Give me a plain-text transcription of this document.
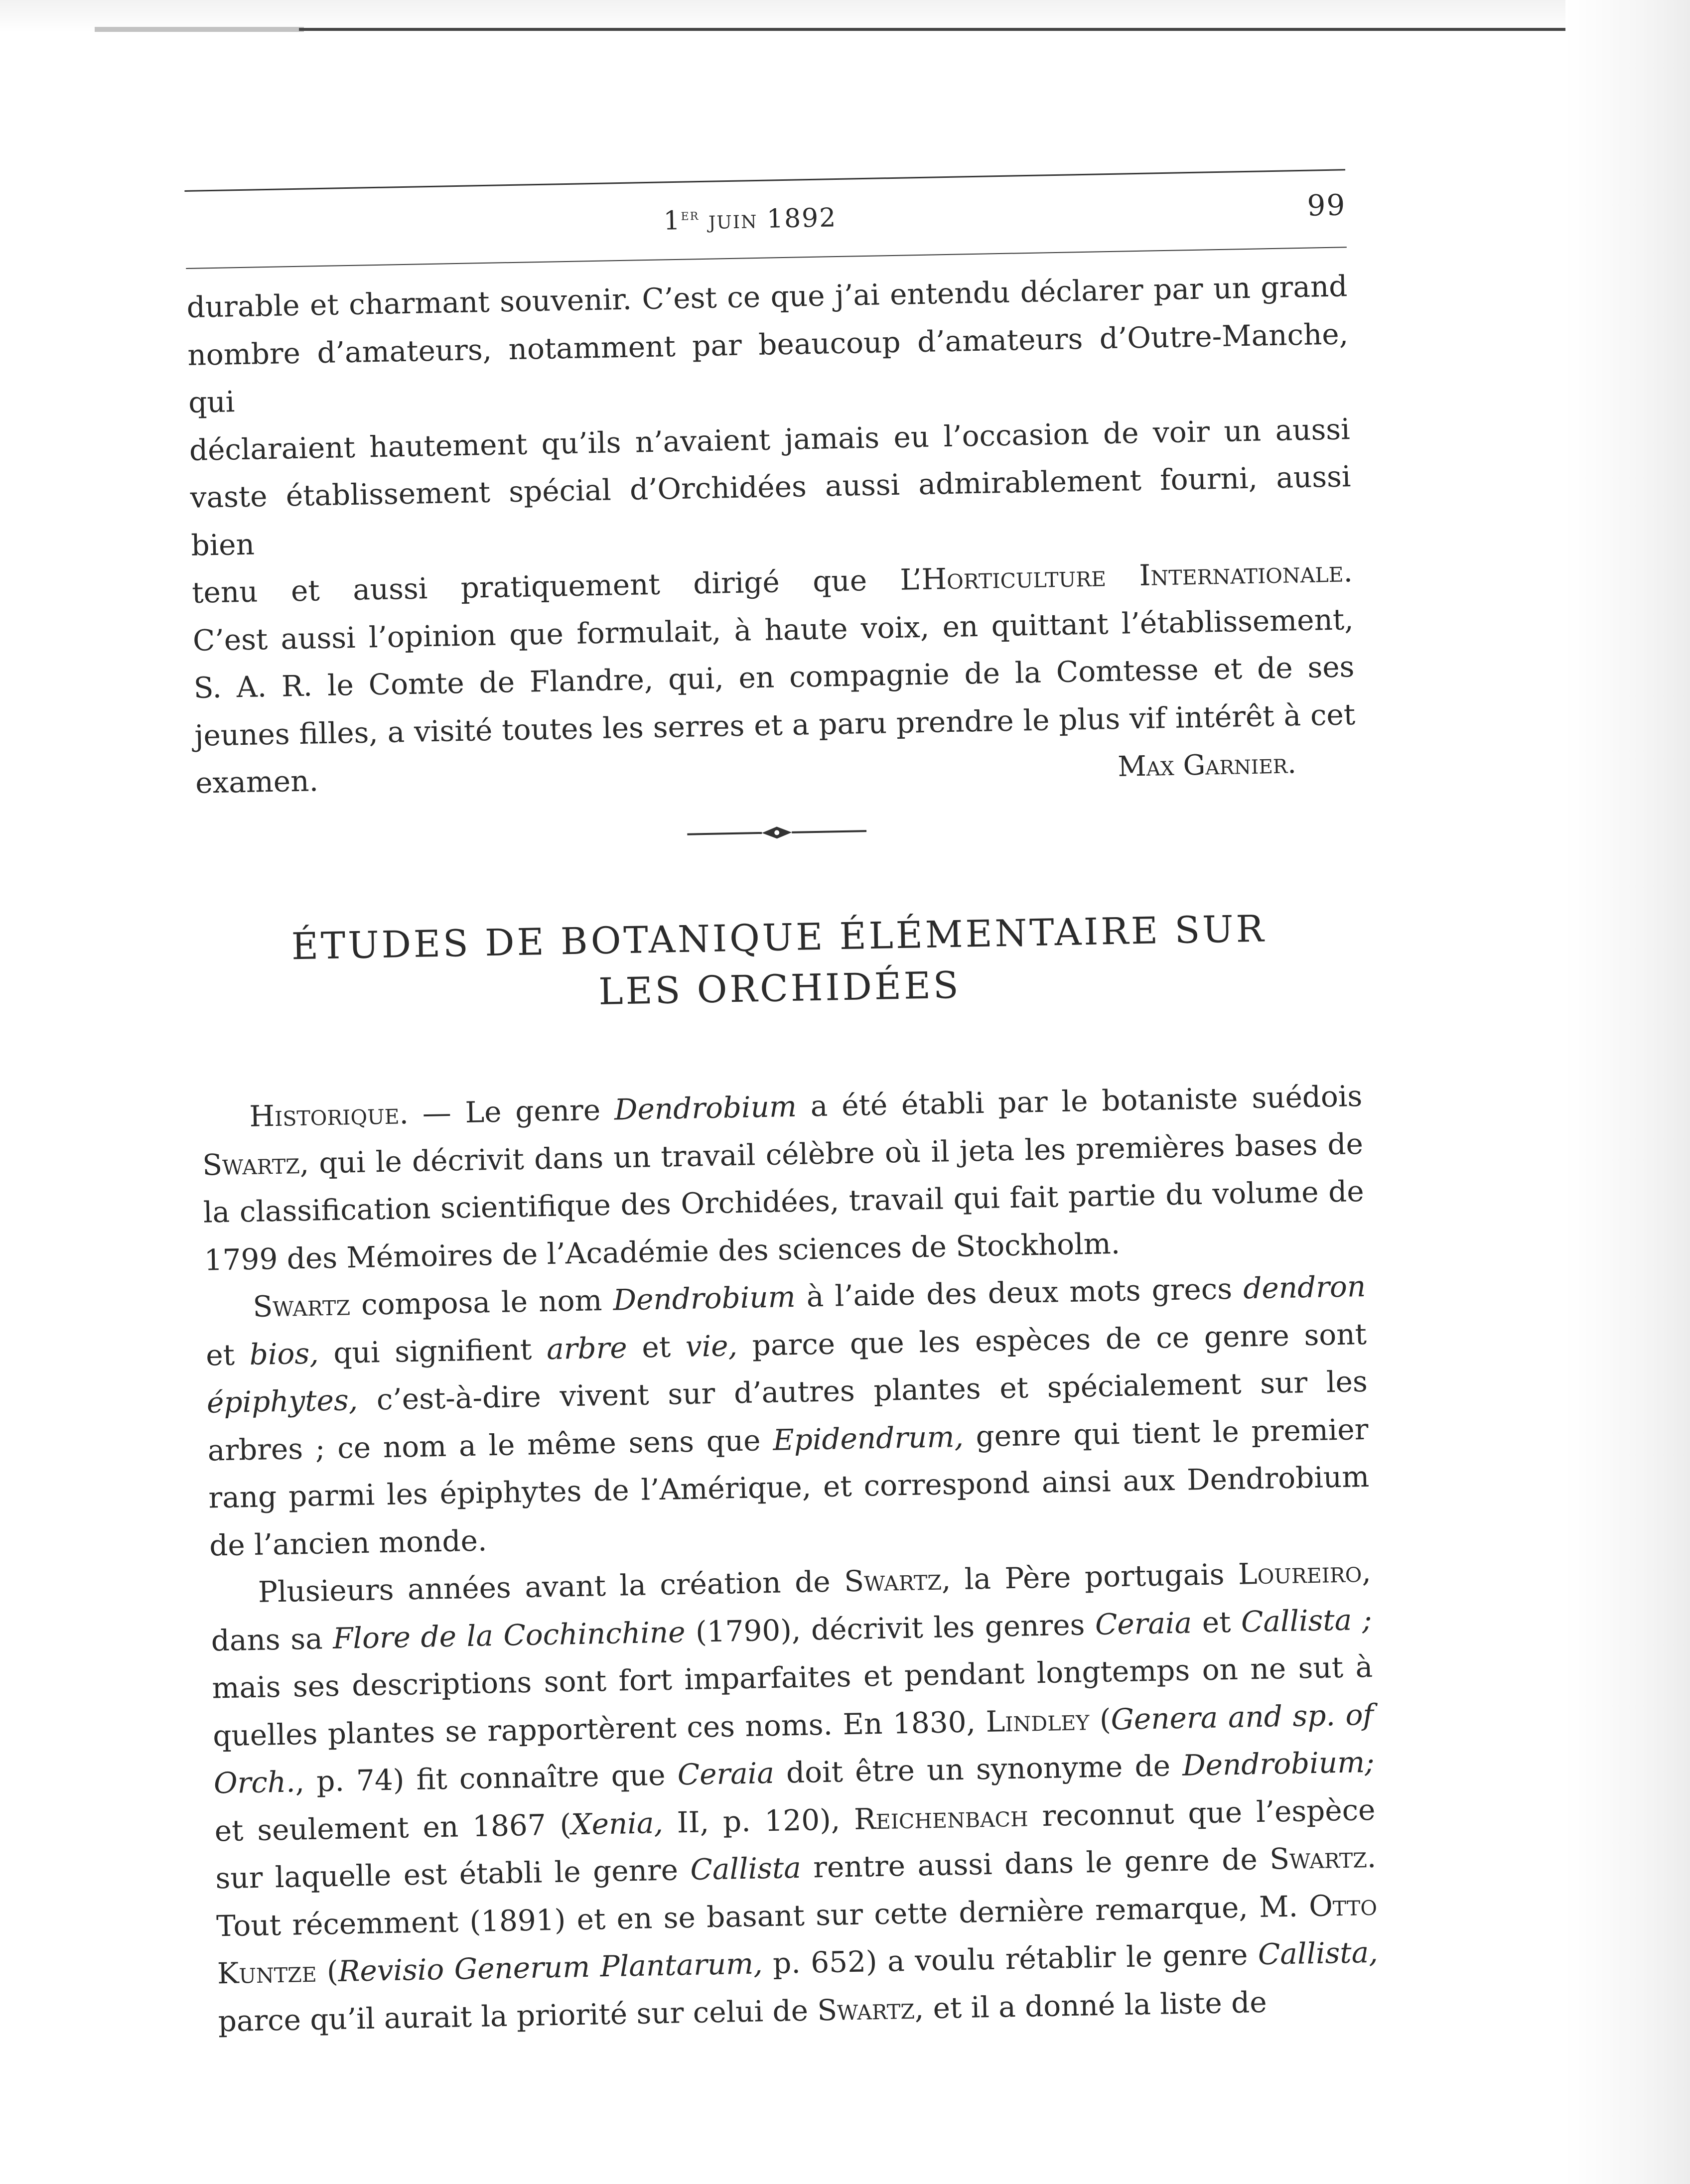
1er juin 1892	99

durable et charmant souvenir. C’est ce que j’ai entendu déclarer par un grand

nombre d’amateurs, notamment par beaucoup d’amateurs d’Outre-Manche, qui

déclaraient hautement qu’ils n’avaient jamais eu l’occasion de voir un aussi

vaste établissement spécial d’Orchidées aussi admirablement fourni, aussi bien

tenu et aussi pratiquement dirigé que L’Horticulture Internationale.

C’est aussi l’opinion que formulait, à haute voix, en quittant l’établissement,

S. A. R. le Comte de Flandre, qui, en compagnie de la Comtesse et de ses

jeunes filles, a visité toutes les serres et a paru prendre le plus vif intérêt à cet

examen.	Max Garnier.
ÉTUDES DE BOTANIQUE ÉLÉMENTAIRE SUR
LES ORCHIDÉES

Historique. — Le genre Dendrobium a été établi par le botaniste suédois Swartz, qui le décrivit dans un travail célèbre où il jeta les premières bases de la classification scientifique des Orchidées, travail qui fait partie du volume de 1799 des Mémoires de l’Académie des sciences de Stockholm.

Swartz composa le nom Dendrobium à l’aide des deux mots grecs dendron et bios, qui signifient arbre et vie, parce que les espèces de ce genre sont épiphytes, c’est-à-dire vivent sur d’autres plantes et spécialement sur les arbres ; ce nom a le même sens que Epidendrum, genre qui tient le premier rang parmi les épiphytes de l’Amérique, et correspond ainsi aux Dendrobium de l’ancien monde.

Plusieurs années avant la création de Swartz, la Père portugais Loureiro, dans sa Flore de la Cochinchine (1790), décrivit les genres Ceraia et Callista ; mais ses descriptions sont fort imparfaites et pendant longtemps on ne sut à quelles plantes se rapportèrent ces noms. En 1830, Lindley (Genera and sp. of Orch., p. 74) fit connaître que Ceraia doit être un synonyme de Dendrobium; et seulement en 1867 (Xenia, II, p. 120), Reichenbach reconnut que l’espèce sur laquelle est établi le genre Callista rentre aussi dans le genre de Swartz. Tout récemment (1891) et en se basant sur cette dernière remarque, M. Otto Kuntze (Revisio Generum Plantarum, p. 652) a voulu rétablir le genre Callista, parce qu’il aurait la priorité sur celui de Swartz, et il a donné la liste de
